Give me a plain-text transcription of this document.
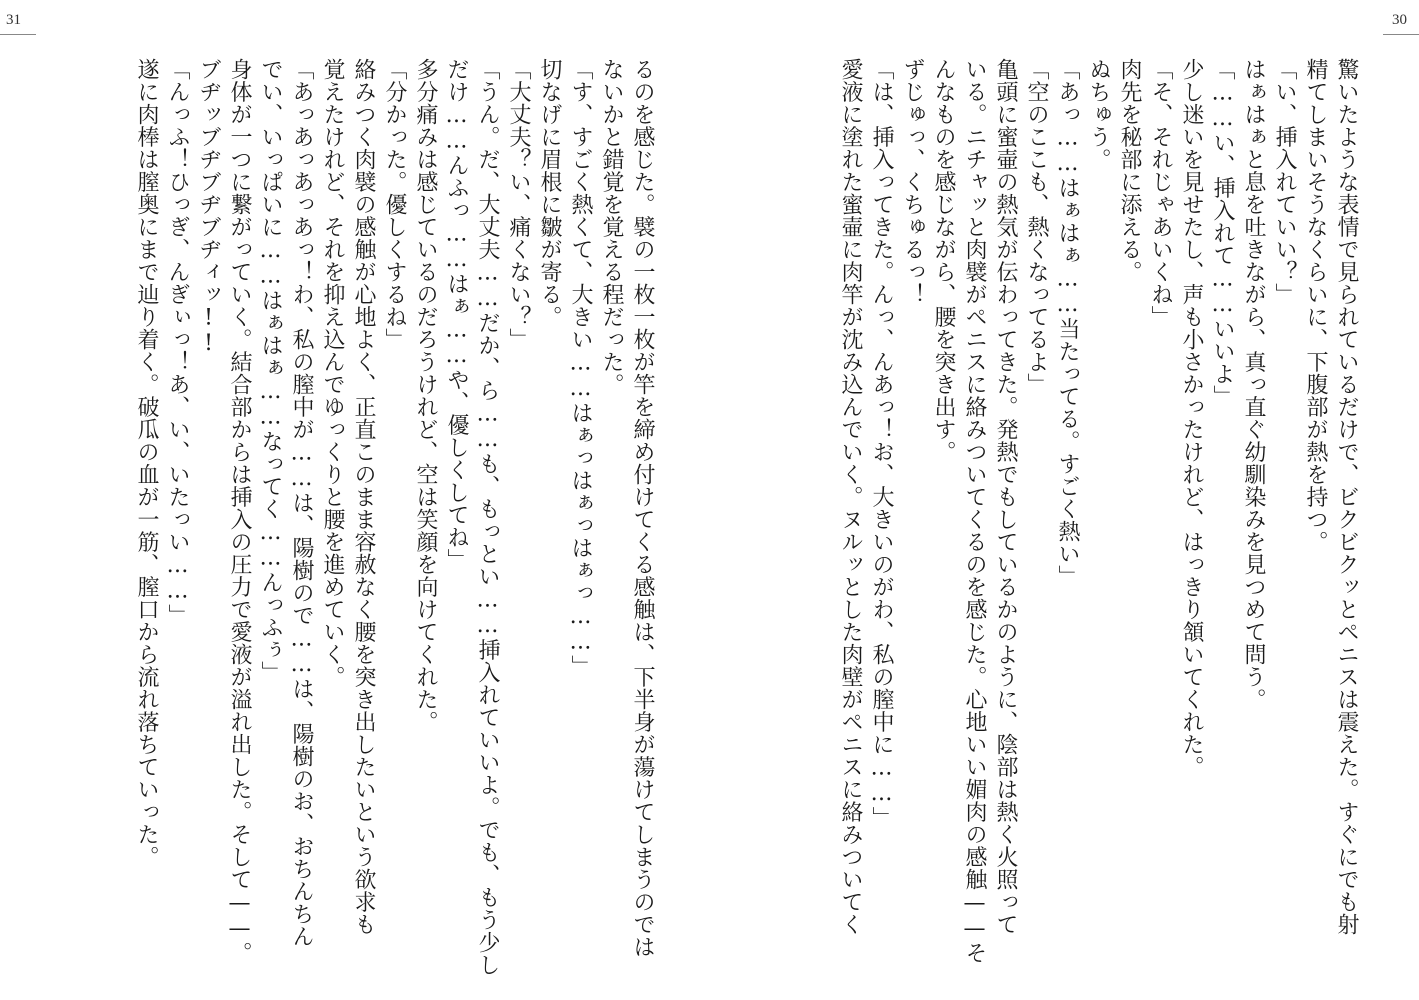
31	30

驚いたような表情で見られているだけで、ビクビクッとペニスは震えた。すぐにでも射

精てしまいそうなくらいに、下腹部が熱を持つ。

「い、挿入れていい？」

はぁはぁと息を吐きながら、真っ直ぐ幼馴染みを見つめて問う。

「……い、挿入れて……いいよ」

少し迷いを見せたし、声も小さかったけれど、はっきり頷いてくれた。

「そ、それじゃあいくね」

肉先を秘部に添える。

ぬちゅう。

「あっ……はぁはぁ……当たってる。すごく熱い」

「空のここも、熱くなってるよ」

亀頭に蜜壷の熱気が伝わってきた。発熱でもしているかのように、陰部は熱く火照って

いる。ニチャッと肉襞がペニスに絡みついてくるのを感じた。心地いい媚肉の感触——そ

んなものを感じながら、腰を突き出す。

ずじゅっ、くちゅるっ！

「は、挿入ってきた。んっ、んあっ！お、大きいのがわ、私の膣中に……」

愛液に塗れた蜜壷に肉竿が沈み込んでいく。ヌルッとした肉壁がペニスに絡みついてく

るのを感じた。襞の一枚一枚が竿を締め付けてくる感触は、下半身が蕩けてしまうのでは

ないかと錯覚を覚える程だった。

「す、すごく熱くて、大きい……はぁっはぁっはぁっ……」

切なげに眉根に皺が寄る。

「大丈夫？い、痛くない？」

「うん。だ、大丈夫……だか、ら……も、もっとい……挿入れていいよ。でも、もう少し

だけ……んふっ……はぁ……や、優しくしてね」

多分痛みは感じているのだろうけれど、空は笑顔を向けてくれた。

「分かった。優しくするね」

絡みつく肉襞の感触が心地よく、正直このまま容赦なく腰を突き出したいという欲求も

覚えたけれど、それを抑え込んでゆっくりと腰を進めていく。

「あっあっあっあっ！わ、私の膣中が……は、陽樹ので……は、陽樹のお、おちんちん

でい、いっぱいに……はぁはぁ……なってく……んっふぅ」

身体が一つに繋がっていく。結合部からは挿入の圧力で愛液が溢れ出した。そして——。

ブヂッブヂブヂブヂィッ!!

「んっふ！ひっぎ、んぎぃっ！あ、い、いたっい……」

遂に肉棒は膣奥にまで辿り着く。破瓜の血が一筋、膣口から流れ落ちていった。
